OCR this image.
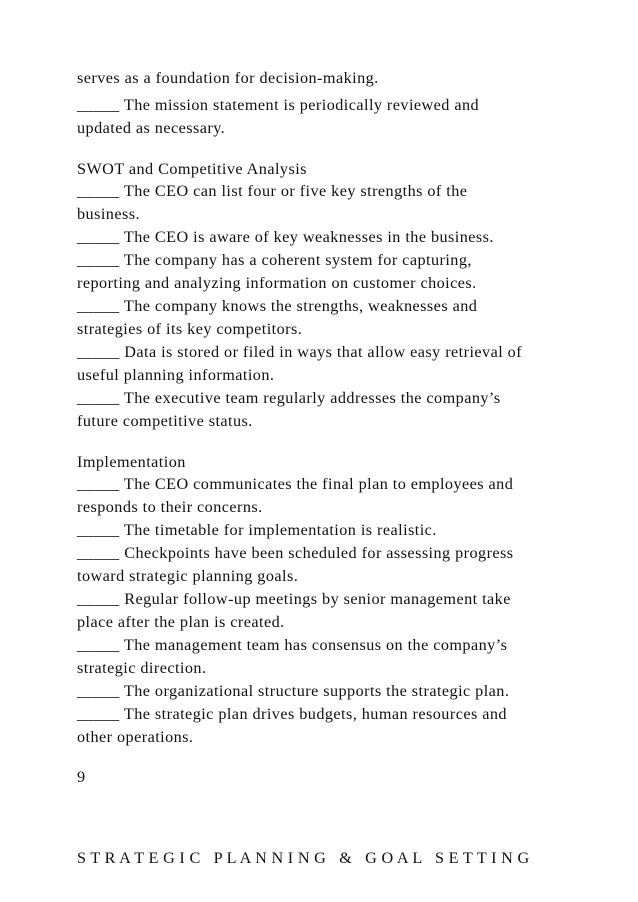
serves as a foundation for decision-making.
_____ The mission statement is periodically reviewed and
updated as necessary.
SWOT and Competitive Analysis
_____ The CEO can list four or five key strengths of the
business.
_____ The CEO is aware of key weaknesses in the business.
_____ The company has a coherent system for capturing,
reporting and analyzing information on customer choices.
_____ The company knows the strengths, weaknesses and
strategies of its key competitors.
_____ Data is stored or filed in ways that allow easy retrieval of
useful planning information.
_____ The executive team regularly addresses the company’s
future competitive status.
Implementation
_____ The CEO communicates the final plan to employees and
responds to their concerns.
_____ The timetable for implementation is realistic.
_____ Checkpoints have been scheduled for assessing progress
toward strategic planning goals.
_____ Regular follow-up meetings by senior management take
place after the plan is created.
_____ The management team has consensus on the company’s
strategic direction.
_____ The organizational structure supports the strategic plan.
_____ The strategic plan drives budgets, human resources and
other operations.
9
S T R A T E G I C   P L A N N I N G   &   G O A L   S E T T I N G
